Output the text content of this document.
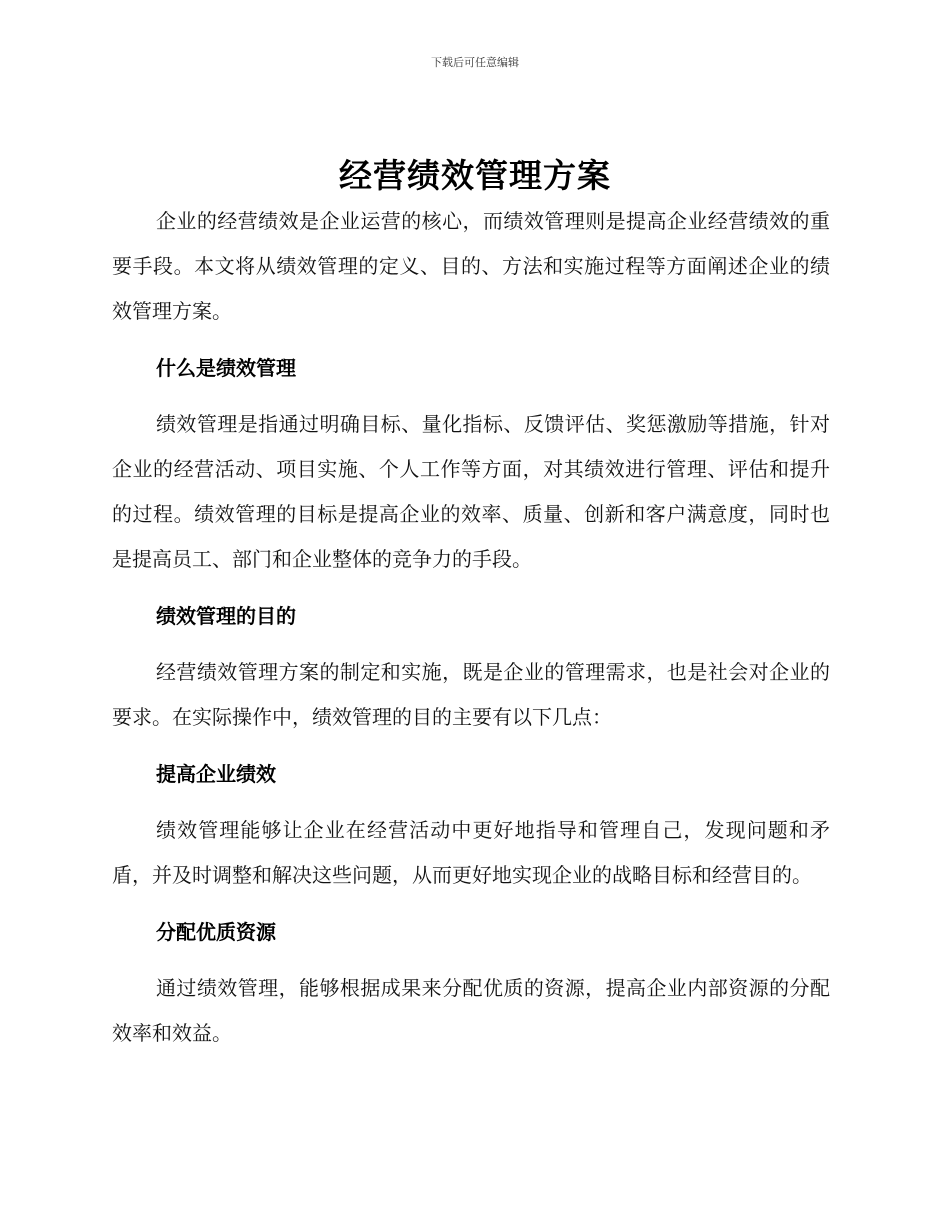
下载后可任意编辑
经营绩效管理方案

企业的经营绩效是企业运营的核心，而绩效管理则是提高企业经营绩效的重要手段。本文将从绩效管理的定义、目的、方法和实施过程等方面阐述企业的绩效管理方案。

什么是绩效管理

绩效管理是指通过明确目标、量化指标、反馈评估、奖惩激励等措施，针对企业的经营活动、项目实施、个人工作等方面，对其绩效进行管理、评估和提升的过程。绩效管理的目标是提高企业的效率、质量、创新和客户满意度，同时也是提高员工、部门和企业整体的竞争力的手段。

绩效管理的目的

经营绩效管理方案的制定和实施，既是企业的管理需求，也是社会对企业的要求。在实际操作中，绩效管理的目的主要有以下几点：

提高企业绩效

绩效管理能够让企业在经营活动中更好地指导和管理自己，发现问题和矛盾，并及时调整和解决这些问题，从而更好地实现企业的战略目标和经营目的。

分配优质资源

通过绩效管理，能够根据成果来分配优质的资源，提高企业内部资源的分配效率和效益。
